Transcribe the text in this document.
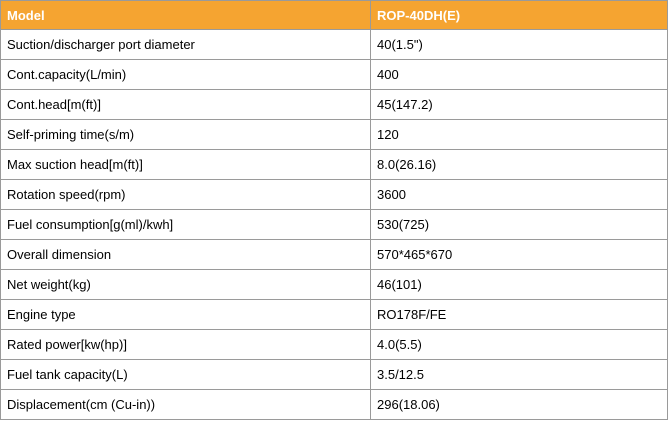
Model	ROP-40DH(E)
Suction/discharger port diameter	40(1.5")
Cont.capacity(L/min)	400
Cont.head[m(ft)]	45(147.2)
Self-priming time(s/m)	120
Max suction head[m(ft)]	8.0(26.16)
Rotation speed(rpm)	3600
Fuel consumption[g(ml)/kwh]	530(725)
Overall dimension	570*465*670
Net weight(kg)	46(101)
Engine type	RO178F/FE
Rated power[kw(hp)]	4.0(5.5)
Fuel tank capacity(L)	3.5/12.5
Displacement(cm (Cu-in))	296(18.06)
